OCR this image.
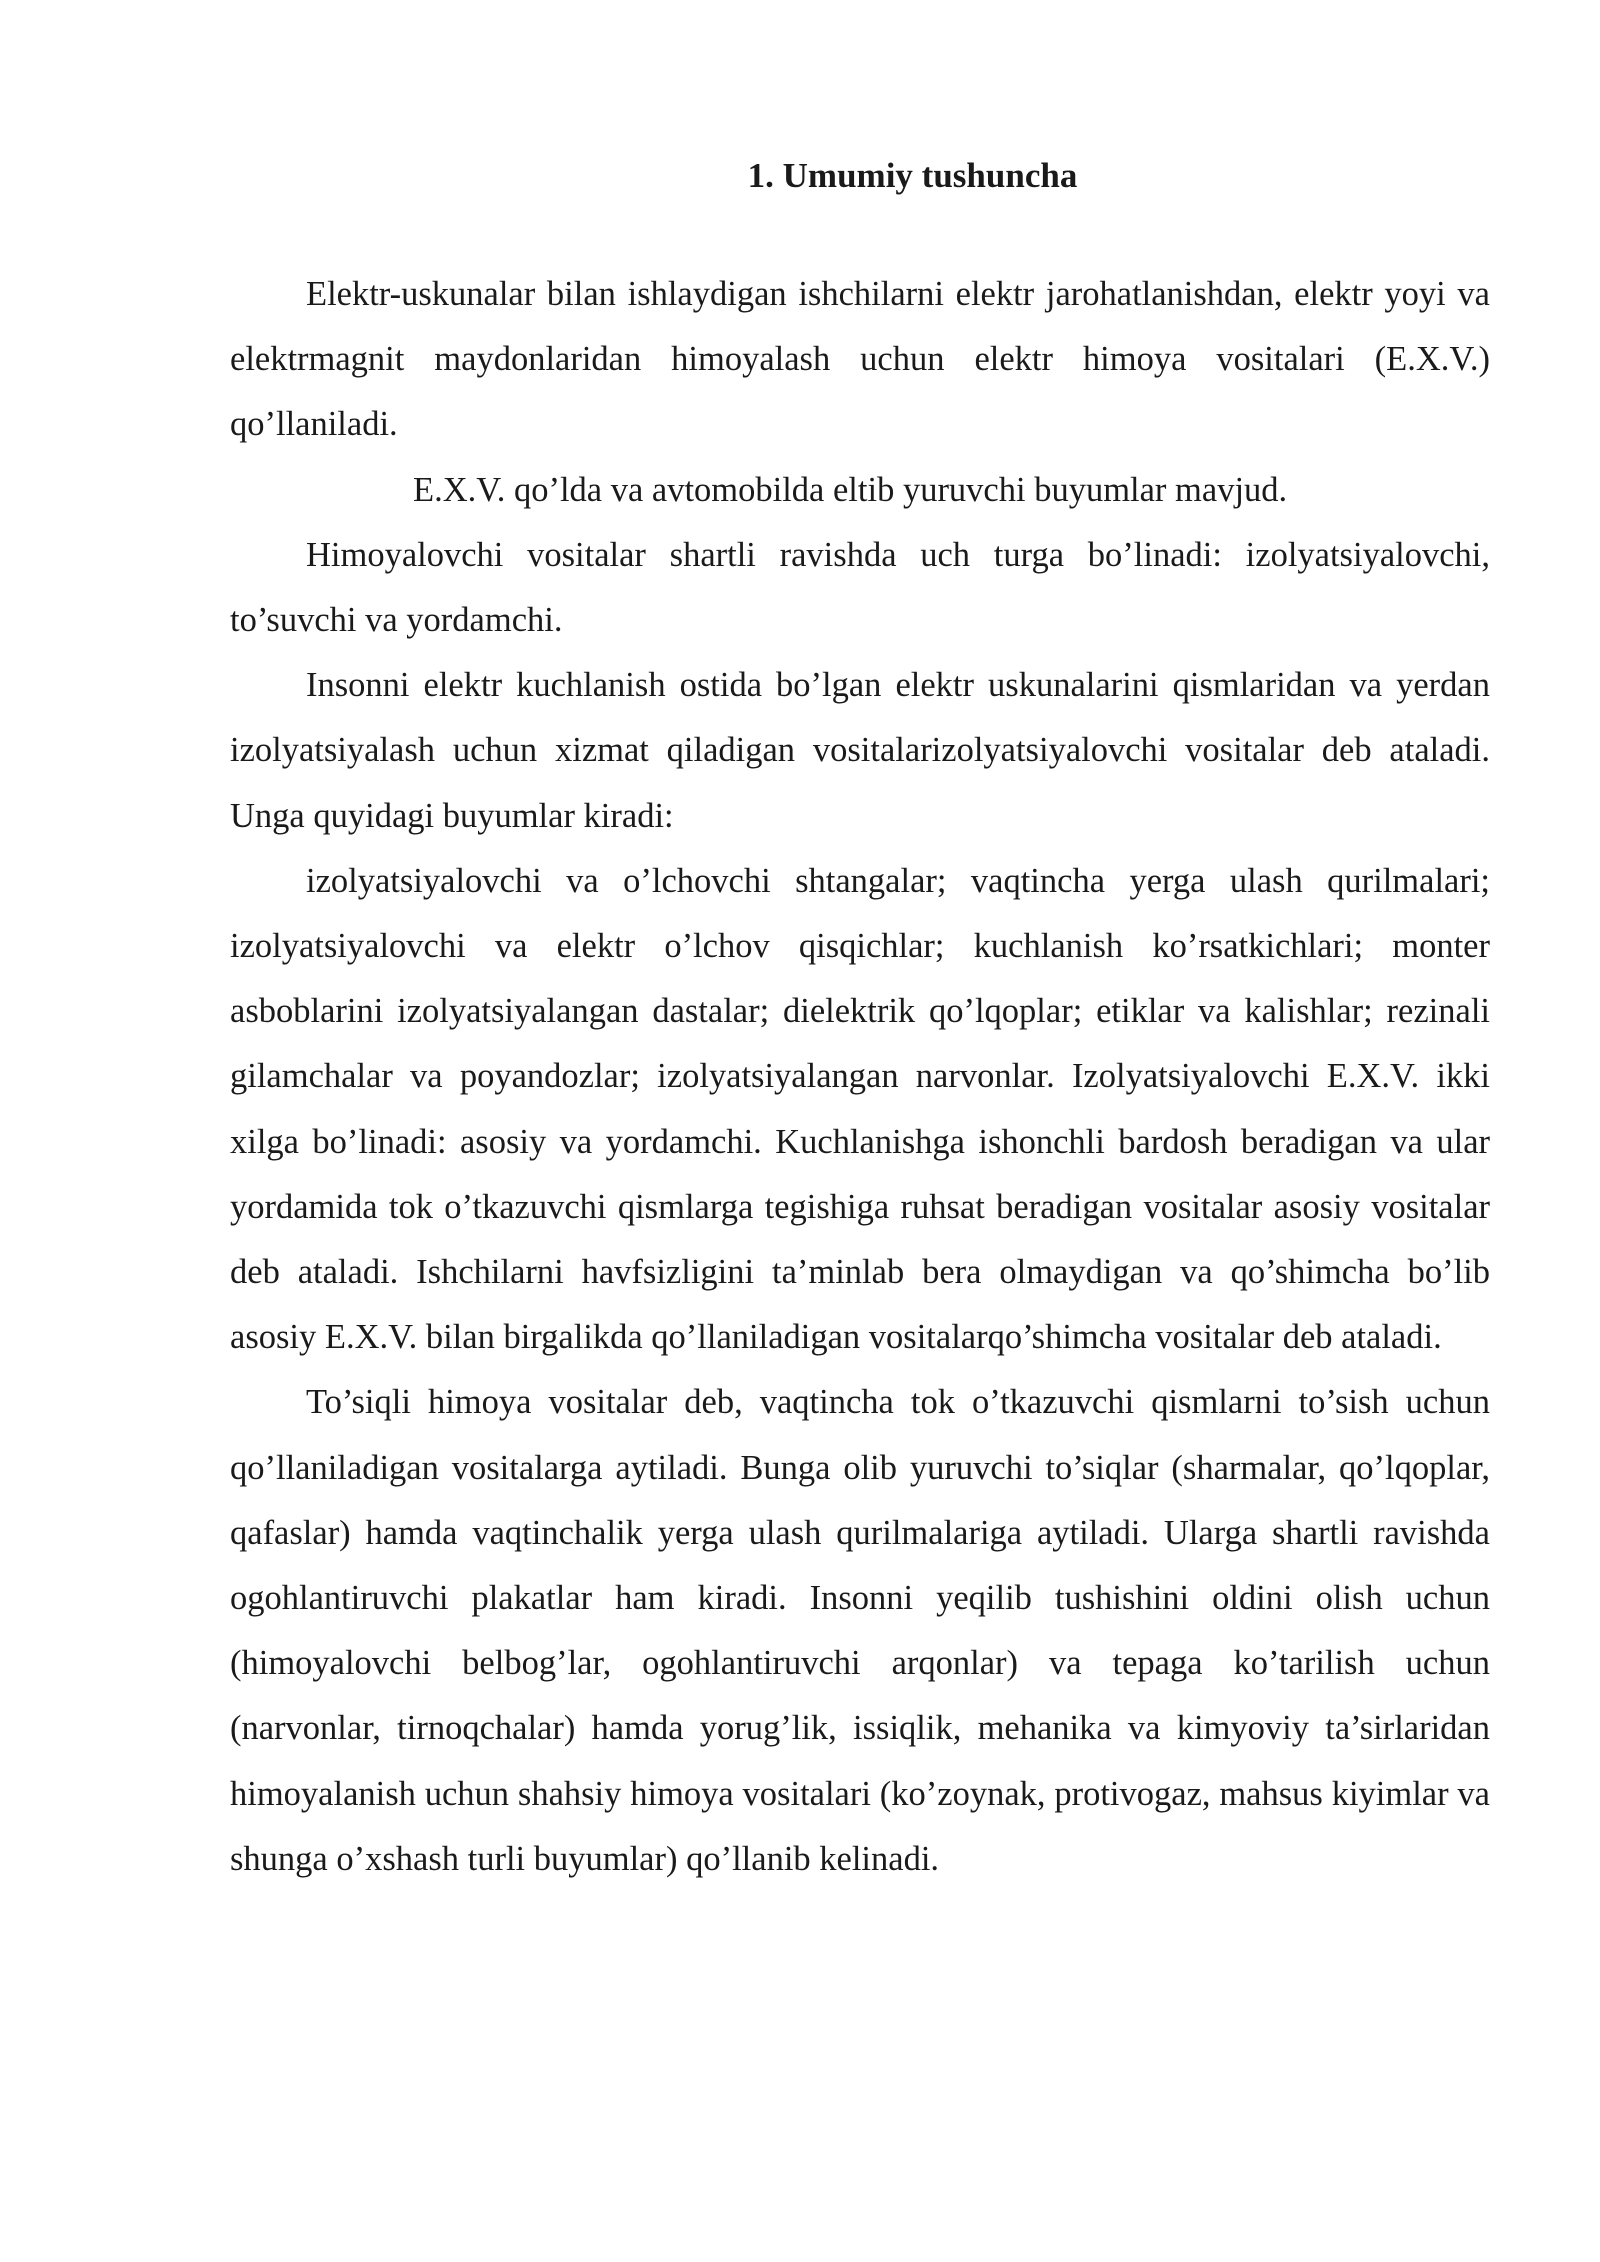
1. Umumiy tushuncha

Elektr-uskunalar bilan ishlaydigan ishchilarni elektr jarohatlanishdan, elektr yoyi va elektrmagnit maydonlaridan himoyalash uchun elektr himoya vositalari (E.X.V.) qo’llaniladi.

E.X.V. qo’lda va avtomobilda eltib yuruvchi buyumlar mavjud.

Himoyalovchi vositalar shartli ravishda uch turga bo’linadi: izolyatsiyalovchi, to’suvchi va yordamchi.

Insonni elektr kuchlanish ostida bo’lgan elektr uskunalarini qismlaridan va yerdan izolyatsiyalash uchun xizmat qiladigan vositalarizolyatsiyalovchi vositalar deb ataladi. Unga quyidagi buyumlar kiradi:

izolyatsiyalovchi va o’lchovchi shtangalar; vaqtincha yerga ulash qurilmalari; izolyatsiyalovchi va elektr o’lchov qisqichlar; kuchlanish ko’rsatkichlari; monter asboblarini izolyatsiyalangan dastalar; dielektrik qo’lqoplar; etiklar va kalishlar; rezinali gilamchalar va poyandozlar; izolyatsiyalangan narvonlar. Izolyatsiyalovchi E.X.V. ikki xilga bo’linadi: asosiy va yordamchi. Kuchlanishga ishonchli bardosh beradigan va ular yordamida tok o’tkazuvchi qismlarga tegishiga ruhsat beradigan vositalar asosiy vositalar deb ataladi. Ishchilarni havfsizligini ta’minlab bera olmaydigan va qo’shimcha bo’lib asosiy E.X.V. bilan birgalikda qo’llaniladigan vositalarqo’shimcha vositalar deb ataladi.

To’siqli himoya vositalar deb, vaqtincha tok o’tkazuvchi qismlarni to’sish uchun qo’llaniladigan vositalarga aytiladi. Bunga olib yuruvchi to’siqlar (sharmalar, qo’lqoplar, qafaslar) hamda vaqtinchalik yerga ulash qurilmalariga aytiladi. Ularga shartli ravishda ogohlantiruvchi plakatlar ham kiradi. Insonni yeqilib tushishini oldini olish uchun (himoyalovchi belbog’lar, ogohlantiruvchi arqonlar) va tepaga ko’tarilish uchun (narvonlar, tirnoqchalar) hamda yorug’lik, issiqlik, mehanika va kimyoviy ta’sirlaridan himoyalanish uchun shahsiy himoya vositalari (ko’zoynak, protivogaz, mahsus kiyimlar va shunga o’xshash turli buyumlar) qo’llanib kelinadi.
